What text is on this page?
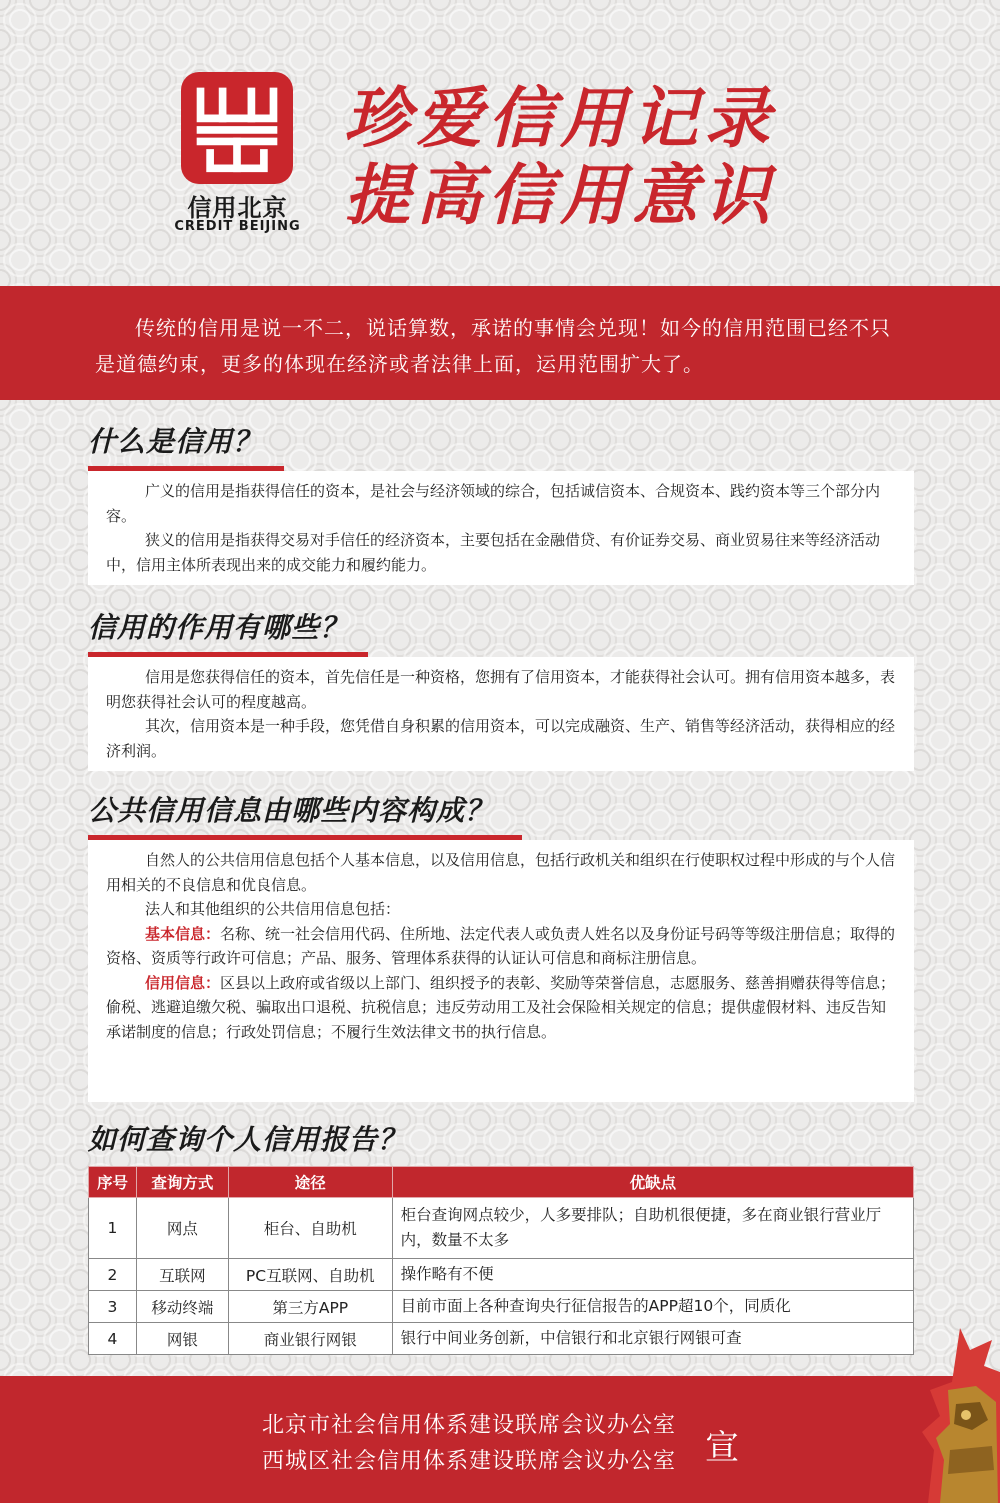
信用北京
CREDIT BEIJING
珍爱信用记录
提高信用意识

传统的信用是说一不二，说话算数，承诺的事情会兑现！如今的信用范围已经不只是道德约束，更多的体现在经济或者法律上面，运用范围扩大了。

什么是信用？

广义的信用是指获得信任的资本，是社会与经济领域的综合，包括诚信资本、合规资本、践约资本等三个部分内容。

狭义的信用是指获得交易对手信任的经济资本，主要包括在金融借贷、有价证券交易、商业贸易往来等经济活动中，信用主体所表现出来的成交能力和履约能力。

信用的作用有哪些？

信用是您获得信任的资本，首先信任是一种资格，您拥有了信用资本，才能获得社会认可。拥有信用资本越多，表明您获得社会认可的程度越高。

其次，信用资本是一种手段，您凭借自身积累的信用资本，可以完成融资、生产、销售等经济活动，获得相应的经济利润。

公共信用信息由哪些内容构成？

自然人的公共信用信息包括个人基本信息，以及信用信息，包括行政机关和组织在行使职权过程中形成的与个人信用相关的不良信息和优良信息。

法人和其他组织的公共信用信息包括：

基本信息：名称、统一社会信用代码、住所地、法定代表人或负责人姓名以及身份证号码等等级注册信息；取得的资格、资质等行政许可信息；产品、服务、管理体系获得的认证认可信息和商标注册信息。

信用信息：区县以上政府或省级以上部门、组织授予的表彰、奖励等荣誉信息，志愿服务、慈善捐赠获得等信息；偷税、逃避追缴欠税、骗取出口退税、抗税信息；违反劳动用工及社会保险相关规定的信息；提供虚假材料、违反告知承诺制度的信息；行政处罚信息；不履行生效法律文书的执行信息。

如何查询个人信用报告？
序号	查询方式	途径	优缺点
1	网点	柜台、自助机	柜台查询网点较少，人多要排队；自助机很便捷，多在商业银行营业厅内，数量不太多
2	互联网	PC互联网、自助机	操作略有不便
3	移动终端	第三方APP	目前市面上各种查询央行征信报告的APP超10个，同质化
4	网银	商业银行网银	银行中间业务创新，中信银行和北京银行网银可查
北京市社会信用体系建设联席会议办公室
西城区社会信用体系建设联席会议办公室 宣
